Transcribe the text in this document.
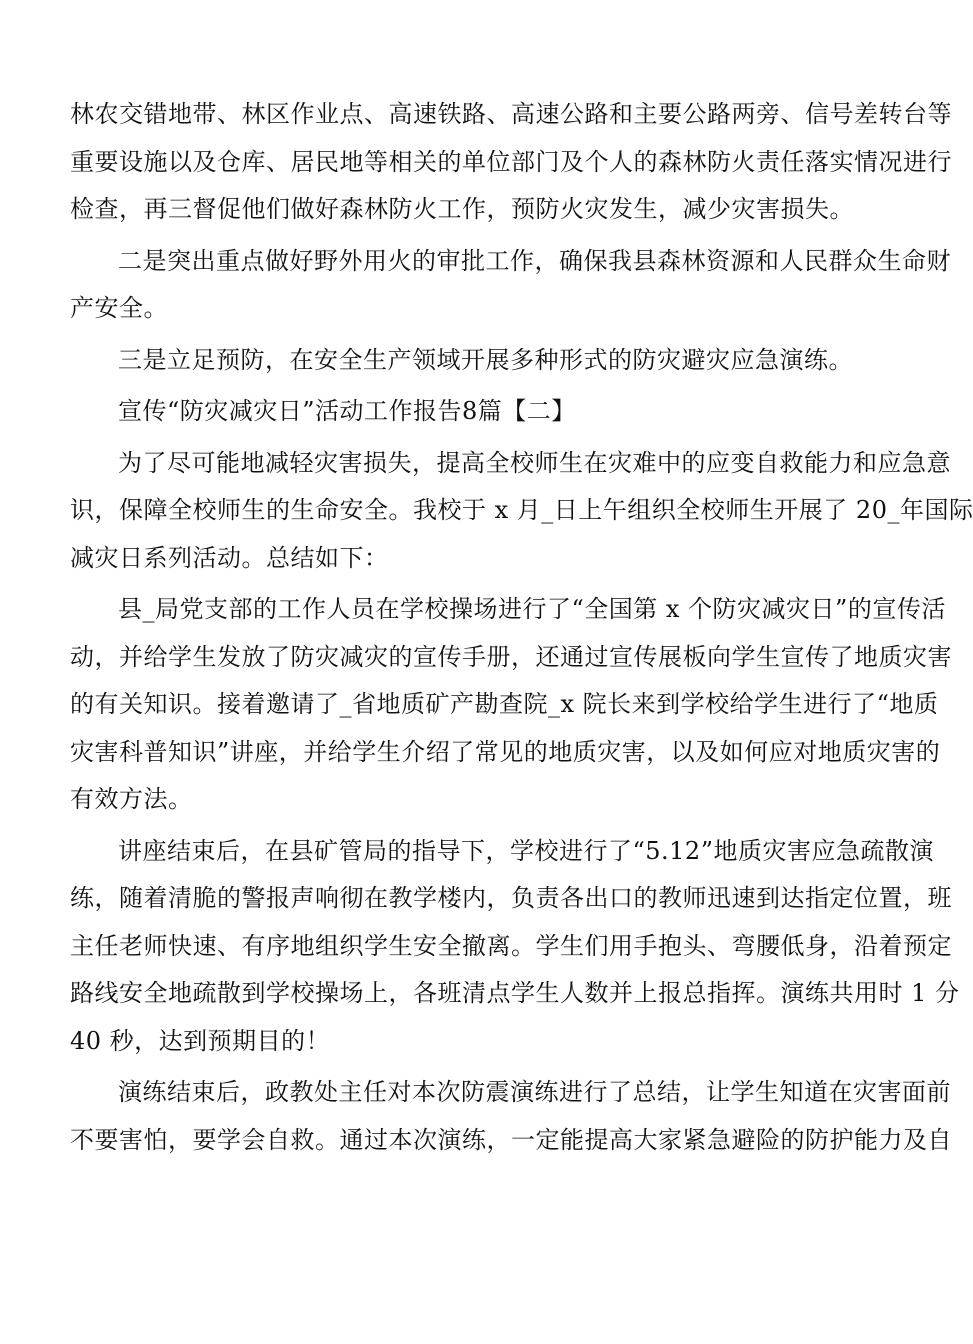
林农交错地带、林区作业点、高速铁路、高速公路和主要公路两旁、信号差转台等
重要设施以及仓库、居民地等相关的单位部门及个人的森林防火责任落实情况进行
检查，再三督促他们做好森林防火工作，预防火灾发生，减少灾害损失。
二是突出重点做好野外用火的审批工作，确保我县森林资源和人民群众生命财
产安全。
三是立足预防，在安全生产领域开展多种形式的防灾避灾应急演练。
宣传“防灾减灾日”活动工作报告8篇【二】
为了尽可能地减轻灾害损失，提高全校师生在灾难中的应变自救能力和应急意
识，保障全校师生的生命安全。我校于 x 月_日上午组织全校师生开展了 20_年国际
减灾日系列活动。总结如下：
县_局党支部的工作人员在学校操场进行了“全国第 x 个防灾减灾日”的宣传活
动，并给学生发放了防灾减灾的宣传手册，还通过宣传展板向学生宣传了地质灾害
的有关知识。接着邀请了_省地质矿产勘查院_x 院长来到学校给学生进行了“地质
灾害科普知识”讲座，并给学生介绍了常见的地质灾害，以及如何应对地质灾害的
有效方法。
讲座结束后，在县矿管局的指导下，学校进行了“5.12”地质灾害应急疏散演
练，随着清脆的警报声响彻在教学楼内，负责各出口的教师迅速到达指定位置，班
主任老师快速、有序地组织学生安全撤离。学生们用手抱头、弯腰低身，沿着预定
路线安全地疏散到学校操场上，各班清点学生人数并上报总指挥。演练共用时 1 分
40 秒，达到预期目的！
演练结束后，政教处主任对本次防震演练进行了总结，让学生知道在灾害面前
不要害怕，要学会自救。通过本次演练，一定能提高大家紧急避险的防护能力及自
